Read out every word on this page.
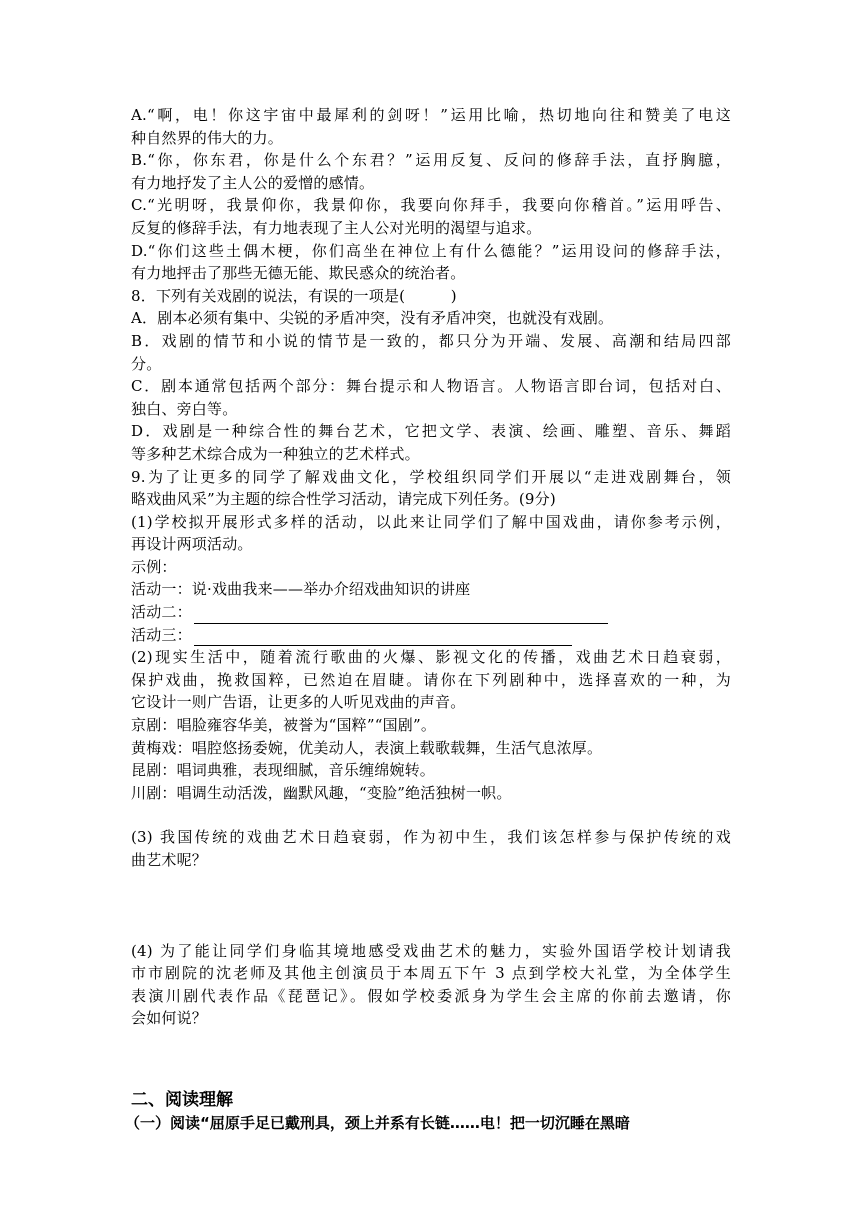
A.“啊，电！你这宇宙中最犀利的剑呀！”运用比喻，热切地向往和赞美了电这
种自然界的伟大的力。
B.“你，你东君，你是什么个东君？”运用反复、反问的修辞手法，直抒胸臆，
有力地抒发了主人公的爱憎的感情。
C.“光明呀，我景仰你，我景仰你，我要向你拜手，我要向你稽首。”运用呼告、
反复的修辞手法，有力地表现了主人公对光明的渴望与追求。
D.“你们这些土偶木梗，你们高坐在神位上有什么德能？”运用设问的修辞手法，
有力地抨击了那些无德无能、欺民惑众的统治者。
8．下列有关戏剧的说法，有误的一项是(　　　)
A．剧本必须有集中、尖锐的矛盾冲突，没有矛盾冲突，也就没有戏剧。
B．戏剧的情节和小说的情节是一致的，都只分为开端、发展、高潮和结局四部
分。
C．剧本通常包括两个部分：舞台提示和人物语言。人物语言即台词，包括对白、
独白、旁白等。
D．戏剧是一种综合性的舞台艺术，它把文学、表演、绘画、雕塑、音乐、舞蹈
等多种艺术综合成为一种独立的艺术样式。
9.为了让更多的同学了解戏曲文化，学校组织同学们开展以“走进戏剧舞台，领
略戏曲风采”为主题的综合性学习活动，请完成下列任务。(9分)
(1)学校拟开展形式多样的活动，以此来让同学们了解中国戏曲，请你参考示例，
再设计两项活动。
示例：
活动一：说·戏曲我来——举办介绍戏曲知识的讲座
活动二：
活动三：
(2)现实生活中，随着流行歌曲的火爆、影视文化的传播，戏曲艺术日趋衰弱，
保护戏曲，挽救国粹，已然迫在眉睫。请你在下列剧种中，选择喜欢的一种，为
它设计一则广告语，让更多的人听见戏曲的声音。
京剧：唱脸雍容华美，被誉为“国粹”“国剧”。
黄梅戏：唱腔悠扬委婉，优美动人，表演上载歌载舞，生活气息浓厚。
昆剧：唱词典雅，表现细腻，音乐缠绵婉转。
川剧：唱调生动活泼，幽默风趣，“变脸”绝活独树一帜。
(3) 我国传统的戏曲艺术日趋衰弱，作为初中生，我们该怎样参与保护传统的戏
曲艺术呢？
(4) 为了能让同学们身临其境地感受戏曲艺术的魅力，实验外国语学校计划请我
市市剧院的沈老师及其他主创演员于本周五下午 3 点到学校大礼堂，为全体学生
表演川剧代表作品《琵琶记》。假如学校委派身为学生会主席的你前去邀请，你
会如何说？
二、阅读理解
（一）阅读“屈原手足已戴刑具，颈上并系有长链……电！把一切沉睡在黑暗
